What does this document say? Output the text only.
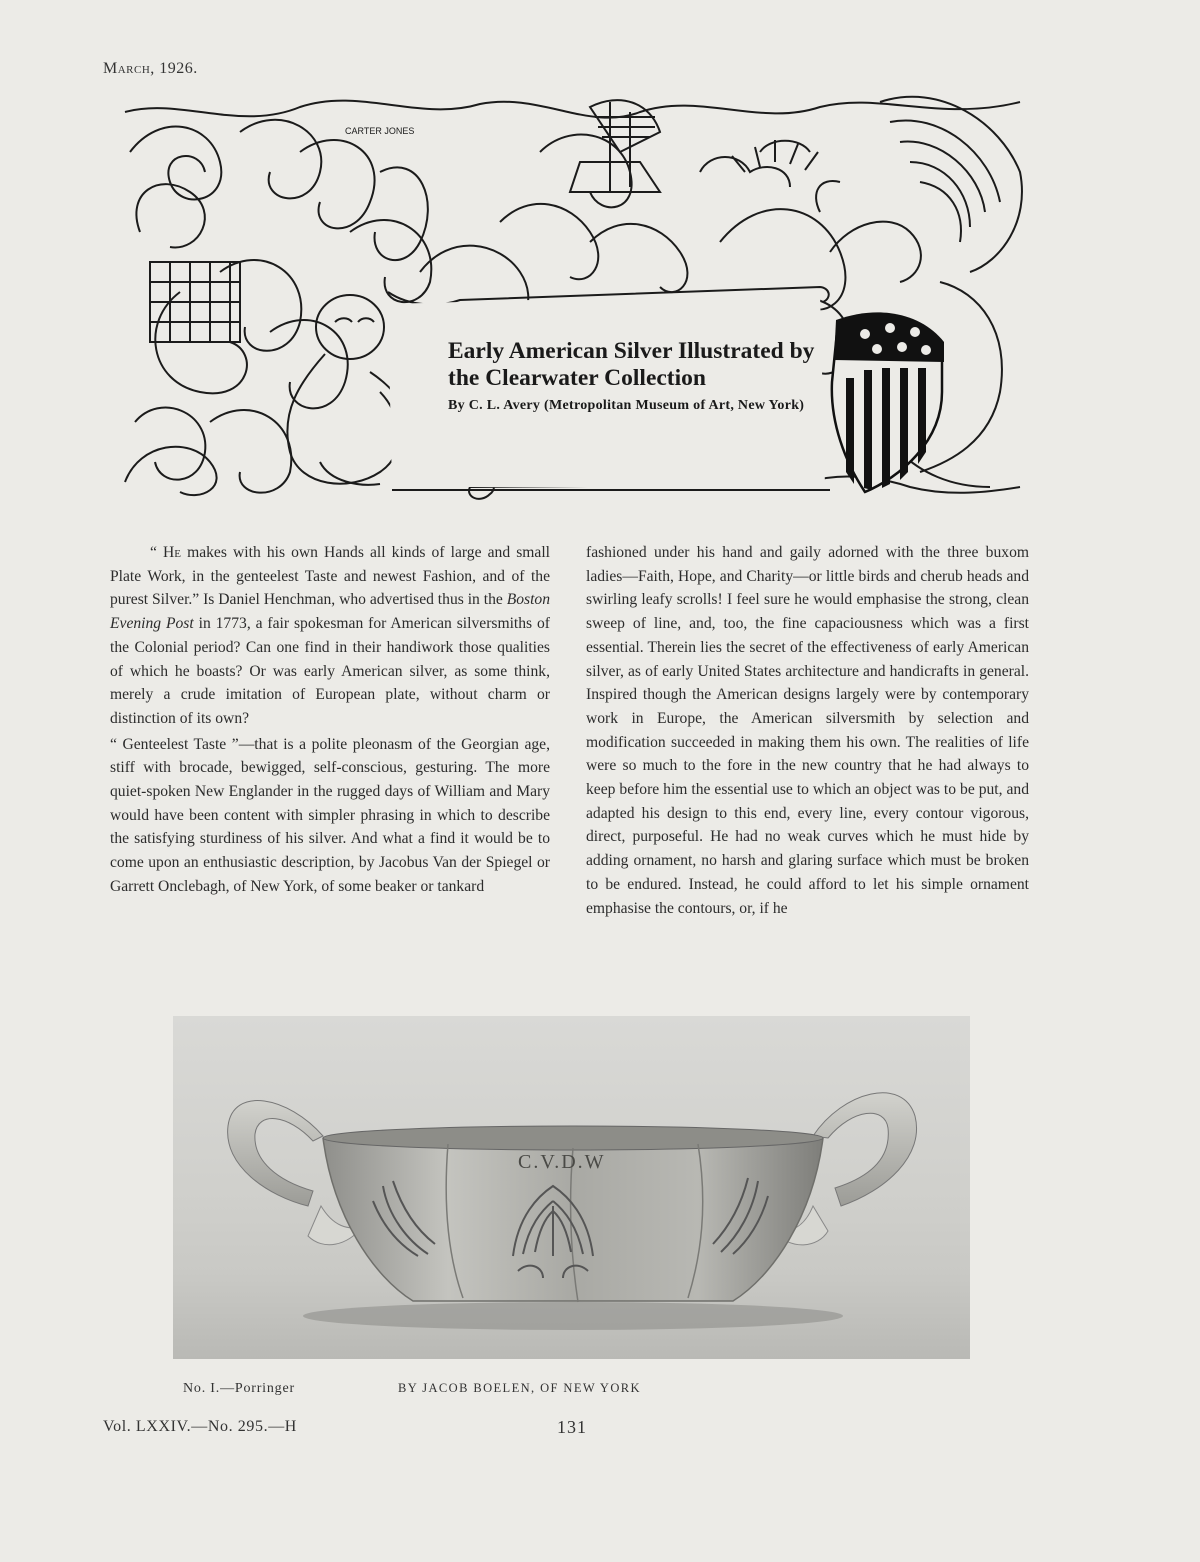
March, 1926.
CARTER JONES
Early American Silver Illustrated by the Clearwater Collection
By C. L. Avery (Metropolitan Museum of Art, New York)

“ He makes with his own Hands all kinds of large and small Plate Work, in the genteelest Taste and newest Fashion, and of the purest Silver.” Is Daniel Henchman, who advertised thus in the Boston Evening Post in 1773, a fair spokesman for American silversmiths of the Colonial period? Can one find in their handiwork those qualities of which he boasts? Or was early American silver, as some think, merely a crude imitation of European plate, without charm or distinction of its own?

“ Genteelest Taste ”—that is a polite pleonasm of the Georgian age, stiff with brocade, bewigged, self-conscious, gesturing. The more quiet-spoken New Englander in the rugged days of William and Mary would have been content with simpler phrasing in which to describe the satisfying sturdiness of his silver. And what a find it would be to come upon an enthusiastic description, by Jacobus Van der Spiegel or Garrett Onclebagh, of New York, of some beaker or tankard

fashioned under his hand and gaily adorned with the three buxom ladies—Faith, Hope, and Charity—or little birds and cherub heads and swirling leafy scrolls! I feel sure he would emphasise the strong, clean sweep of line, and, too, the fine capaciousness which was a first essential. Therein lies the secret of the effectiveness of early American silver, as of early United States architecture and handicrafts in general. Inspired though the American designs largely were by contemporary work in Europe, the American silversmith by selection and modification succeeded in making them his own. The realities of life were so much to the fore in the new country that he had always to keep before him the essential use to which an object was to be put, and adapted his design to this end, every line, every contour vigorous, direct, purposeful. He had no weak curves which he must hide by adding ornament, no harsh and glaring surface which must be broken to be endured. Instead, he could afford to let his simple ornament emphasise the contours, or, if he

C.V.D.W
No. I.—Porringer	BY JACOB BOELEN, OF NEW YORK
Vol. LXXIV.—No. 295.—H	131
